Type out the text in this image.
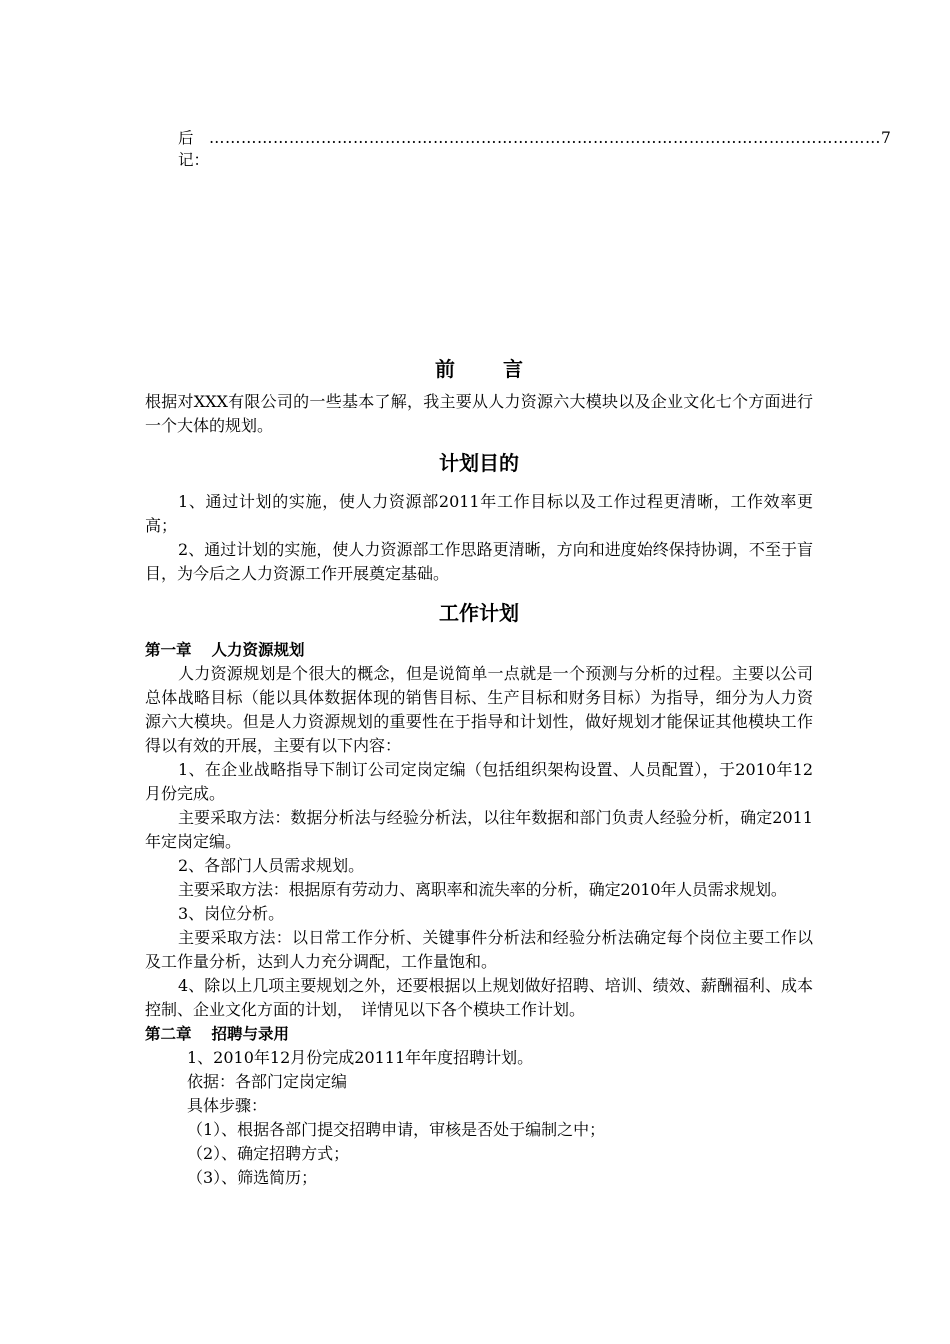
后记：
……………………………………………………………………………………………………………… 7
前言

根据对XXX有限公司的一些基本了解，我主要从人力资源六大模块以及企业文化七个方面进行一个大体的规划。

计划目的

1、通过计划的实施，使人力资源部2011年工作目标以及工作过程更清晰，工作效率更高；

2、通过计划的实施，使人力资源部工作思路更清晰，方向和进度始终保持协调，不至于盲目，为今后之人力资源工作开展奠定基础。

工作计划
第一章 人力资源规划

人力资源规划是个很大的概念，但是说简单一点就是一个预测与分析的过程。主要以公司总体战略目标（能以具体数据体现的销售目标、生产目标和财务目标）为指导，细分为人力资源六大模块。但是人力资源规划的重要性在于指导和计划性，做好规划才能保证其他模块工作得以有效的开展，主要有以下内容：

1、在企业战略指导下制订公司定岗定编（包括组织架构设置、人员配置），于2010年12月份完成。

主要采取方法：数据分析法与经验分析法，以往年数据和部门负责人经验分析，确定2011年定岗定编。

2、各部门人员需求规划。

主要采取方法：根据原有劳动力、离职率和流失率的分析，确定2010年人员需求规划。

3、岗位分析。

主要采取方法：以日常工作分析、关键事件分析法和经验分析法确定每个岗位主要工作以及工作量分析，达到人力充分调配，工作量饱和。

4、除以上几项主要规划之外，还要根据以上规划做好招聘、培训、绩效、薪酬福利、成本控制、企业文化方面的计划，　详情见以下各个模块工作计划。

第二章 招聘与录用

1、2010年12月份完成20111年年度招聘计划。

依据：各部门定岗定编

具体步骤：

（1）、根据各部门提交招聘申请，审核是否处于编制之中；

（2）、确定招聘方式；

（3）、筛选简历；
